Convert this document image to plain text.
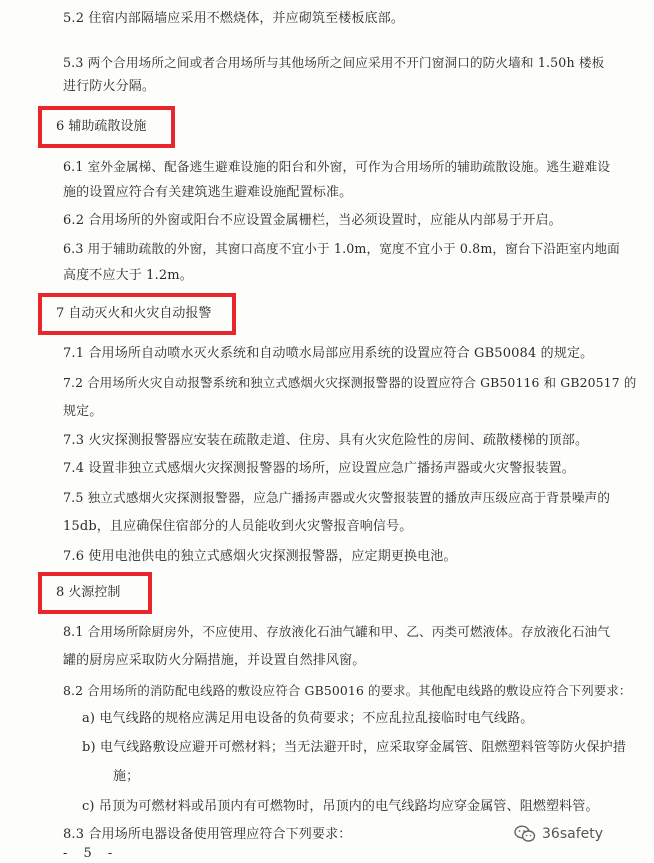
5.2 住宿内部隔墙应采用不燃烧体，并应砌筑至楼板底部。
5.3 两个合用场所之间或者合用场所与其他场所之间应采用不开门窗洞口的防火墙和 1.50h 楼板
进行防火分隔。
6 辅助疏散设施
6.1 室外金属梯、配备逃生避难设施的阳台和外窗，可作为合用场所的辅助疏散设施。逃生避难设
施的设置应符合有关建筑逃生避难设施配置标准。
6.2 合用场所的外窗或阳台不应设置金属栅栏，当必须设置时，应能从内部易于开启。
6.3 用于辅助疏散的外窗，其窗口高度不宜小于 1.0m，宽度不宜小于 0.8m，窗台下沿距室内地面
高度不应大于 1.2m。
7 自动灭火和火灾自动报警
7.1 合用场所自动喷水灭火系统和自动喷水局部应用系统的设置应符合 GB50084 的规定。
7.2 合用场所火灾自动报警系统和独立式感烟火灾探测报警器的设置应符合 GB50116 和 GB20517 的
规定。
7.3 火灾探测报警器应安装在疏散走道、住房、具有火灾危险性的房间、疏散楼梯的顶部。
7.4 设置非独立式感烟火灾探测报警器的场所，应设置应急广播扬声器或火灾警报装置。
7.5 独立式感烟火灾探测报警器，应急广播扬声器或火灾警报装置的播放声压级应高于背景噪声的
15db，且应确保住宿部分的人员能收到火灾警报音响信号。
7.6 使用电池供电的独立式感烟火灾探测报警器，应定期更换电池。
8 火源控制
8.1 合用场所除厨房外，不应使用、存放液化石油气罐和甲、乙、丙类可燃液体。存放液化石油气
罐的厨房应采取防火分隔措施，并设置自然排风窗。
8.2 合用场所的消防配电线路的敷设应符合 GB50016 的要求。其他配电线路的敷设应符合下列要求：
a) 电气线路的规格应满足用电设备的负荷要求；不应乱拉乱接临时电气线路。
b) 电气线路敷设应避开可燃材料；当无法避开时，应采取穿金属管、阻燃塑料管等防火保护措
施；
c) 吊顶为可燃材料或吊顶内有可燃物时，吊顶内的电气线路均应穿金属管、阻燃塑料管。
8.3 合用场所电器设备使用管理应符合下列要求：
- 5 -
36safety
